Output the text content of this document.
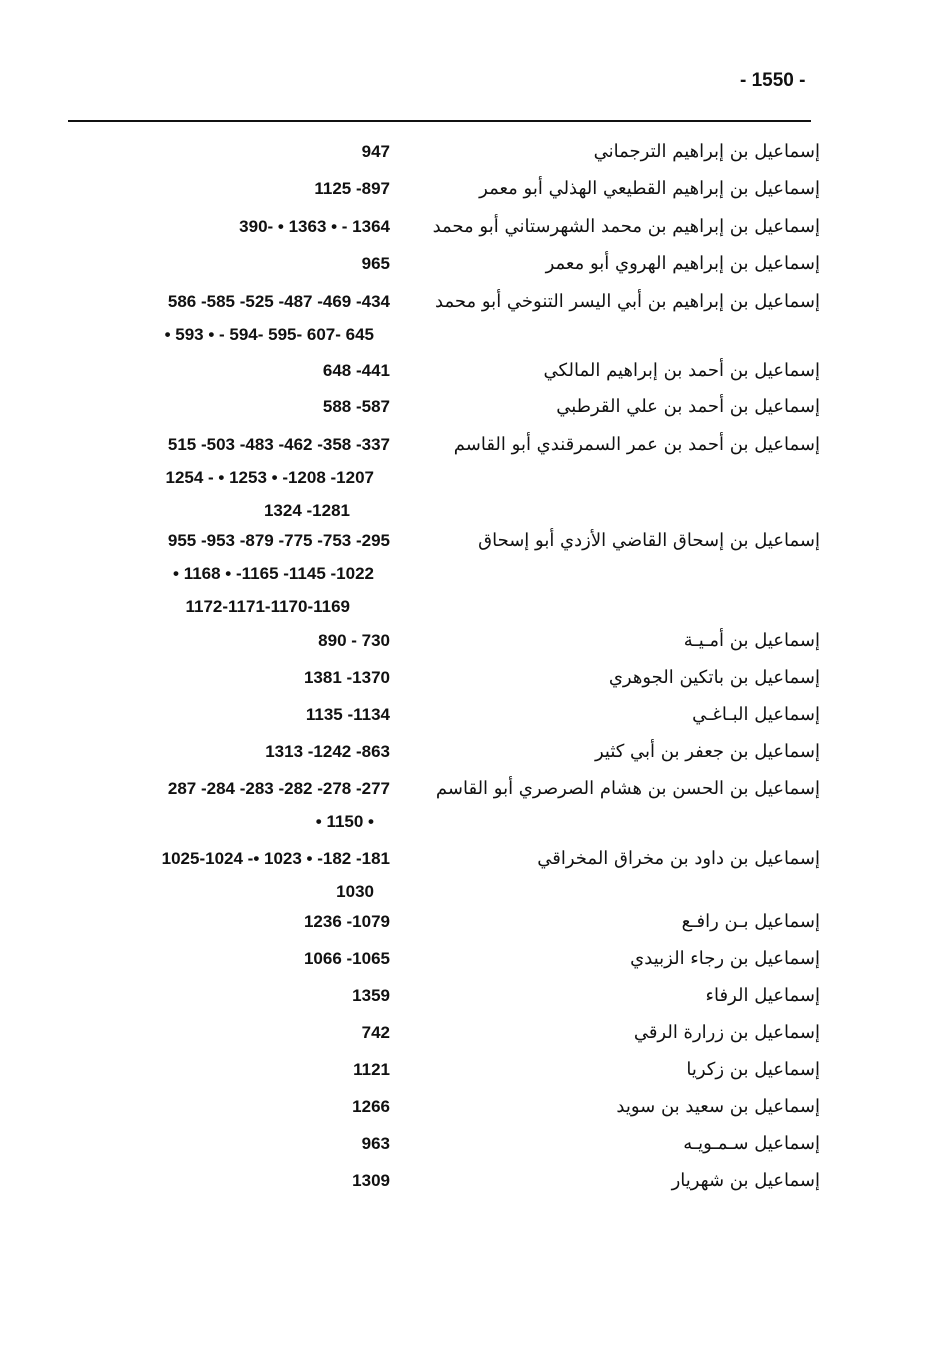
- 1550 -
إسماعيل بن إبراهيم الترجماني
947
إسماعيل بن إبراهيم القطيعي الهذلي أبو معمر
1125 -897
إسماعيل بن إبراهيم بن محمد الشهرستاني أبو محمد
390- • 1363 • - 1364
إسماعيل بن إبراهيم الهروي أبو معمر
965
إسماعيل بن إبراهيم بن أبي اليسر التنوخي أبو محمد
586 -585 -525 -487 -469 -434
• 593 • - 594- 595- 607- 645
إسماعيل بن أحمد بن إبراهيم المالكي
648 -441
إسماعيل بن أحمد بن علي القرطبي
588 -587
إسماعيل بن أحمد بن عمر السمرقندي أبو القاسم
515 -503 -483 -462 -358 -337
1254 - • 1253 • -1208 -1207
1324 -1281
إسماعيل بن إسحاق القاضي الأزدي أبو إسحاق
955 -953 -879 -775 -753 -295
• 1168 • -1165 -1145 -1022
1172-1171-1170-1169
إسماعيل بن أمـيـة
890 - 730
إسماعيل بن باتكين الجوهري
1381 -1370
إسماعيل البـاغـي
1135 -1134
إسماعيل بن جعفر بن أبي كثير
1313 -1242 -863
إسماعيل بن الحسن بن هشام الصرصري أبو القاسم
287 -284 -283 -282 -278 -277
• 1150 •
إسماعيل بن داود بن مخراق المخراقي
1025-1024 -• 1023 • -182 -181
1030
إسماعيل بـن رافـع
1236 -1079
إسماعيل بن رجاء الزبيدي
1066 -1065
إسماعيل الرفاء
1359
إسماعيل بن زرارة الرقي
742
إسماعيل بن زكريا
1121
إسماعيل بن سعيد بن سويد
1266
إسماعيل سـمـويـه
963
إسماعيل بن شهريار
1309
